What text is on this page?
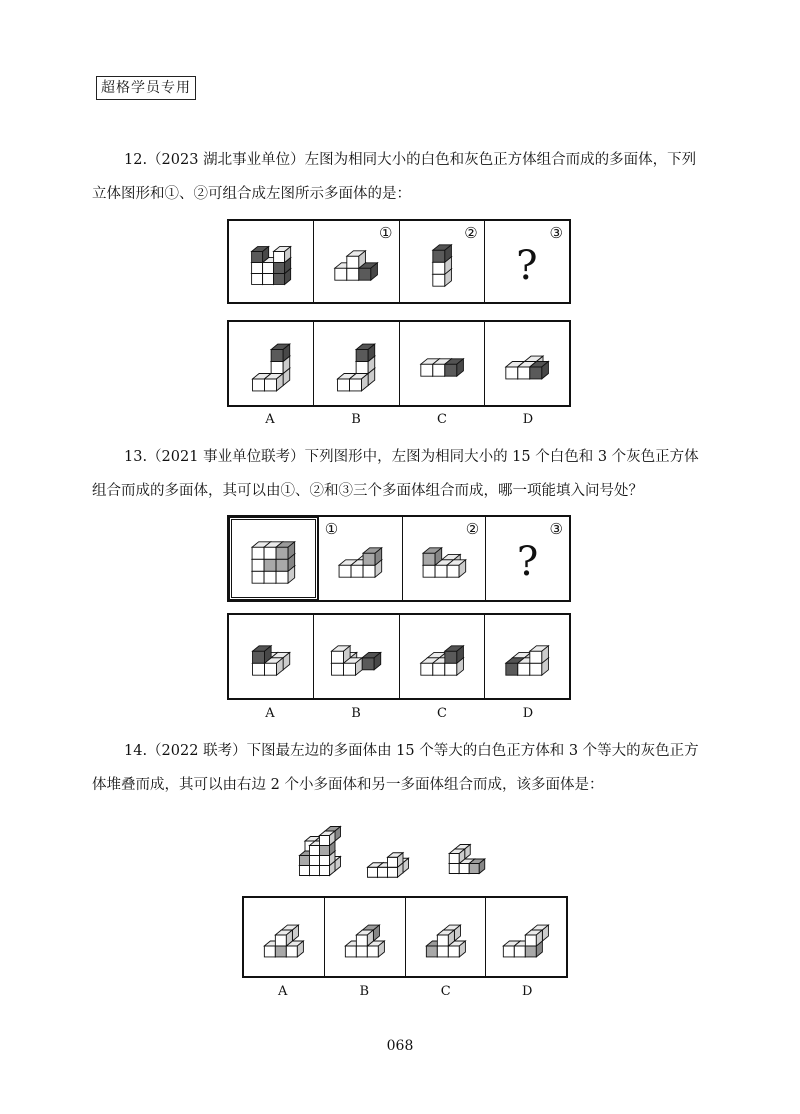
超格学员专用

12.（2023 湖北事业单位）左图为相同大小的白色和灰色正方体组合而成的多面体，下列立体图形和①、②可组合成左图所示多面体的是：

①	②	③
?
A	B	C	D

13.（2021 事业单位联考）下列图形中，左图为相同大小的 15 个白色和 3 个灰色正方体组合而成的多面体，其可以由①、②和③三个多面体组合而成，哪一项能填入问号处？

①	②	③
?
A	B	C	D

14.（2022 联考）下图最左边的多面体由 15 个等大的白色正方体和 3 个等大的灰色正方体堆叠而成，其可以由右边 2 个小多面体和另一多面体组合而成，该多面体是：

A	B	C	D
068
